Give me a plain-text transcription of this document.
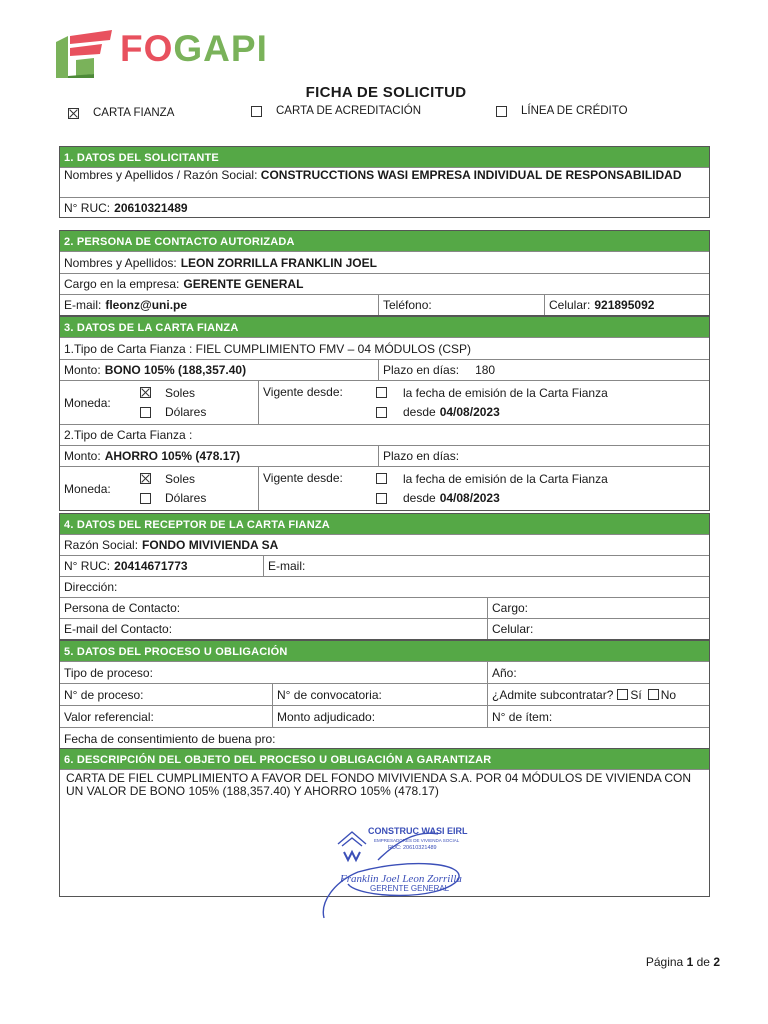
FOGAPI
FICHA DE SOLICITUD
CARTA FIANZA	CARTA DE ACREDITACIÓN	LÍNEA DE CRÉDITO
1. DATOS DEL SOLICITANTE
Nombres y Apellidos / Razón Social: CONSTRUCCTIONS WASI EMPRESA INDIVIDUAL DE RESPONSABILIDAD
N° RUC: 20610321489
2. PERSONA DE CONTACTO AUTORIZADA
Nombres y Apellidos: LEON ZORRILLA FRANKLIN JOEL
Cargo en la empresa: GERENTE GENERAL
E-mail: fleonz@uni.pe	Teléfono:	Celular: 921895092
3. DATOS DE LA CARTA FIANZA
1.Tipo de Carta Fianza : FIEL CUMPLIMIENTO FMV – 04 MÓDULOS (CSP)
Monto: BONO 105% (188,357.40)	Plazo en días: 180
Moneda:
Soles
Dólares
Vigente desde:	la fecha de emisión de la Carta Fianza
desde 04/08/2023
2.Tipo de Carta Fianza :
Monto: AHORRO 105% (478.17)	Plazo en días:
Moneda:
Soles
Dólares
Vigente desde:	la fecha de emisión de la Carta Fianza
desde 04/08/2023
4. DATOS DEL RECEPTOR DE LA CARTA FIANZA
Razón Social: FONDO MIVIVIENDA SA
N° RUC: 20414671773	E-mail:
Dirección:
Persona de Contacto:	Cargo:
E-mail del Contacto:	Celular:
5. DATOS DEL PROCESO U OBLIGACIÓN
Tipo de proceso:	Año:
N° de proceso:	N° de convocatoria:	¿Admite subcontratar? Sí No
Valor referencial:	Monto adjudicado:	N° de ítem:
Fecha de consentimiento de buena pro:
6. DESCRIPCIÓN DEL OBJETO DEL PROCESO U OBLIGACIÓN A GARANTIZAR
CARTA DE FIEL CUMPLIMIENTO A FAVOR DEL FONDO MIVIVIENDA S.A. POR 04 MÓDULOS DE VIVIENDA CON UN VALOR DE BONO 105% (188,357.40) Y AHORRO 105% (478.17)
CONSTRUC WASI EIRL
EMPRESADORES DE VIVIENDA SOCIAL
RUC: 20610321489
Franklin Joel Leon Zorrilla
GERENTE GENERAL
Página 1 de 2
